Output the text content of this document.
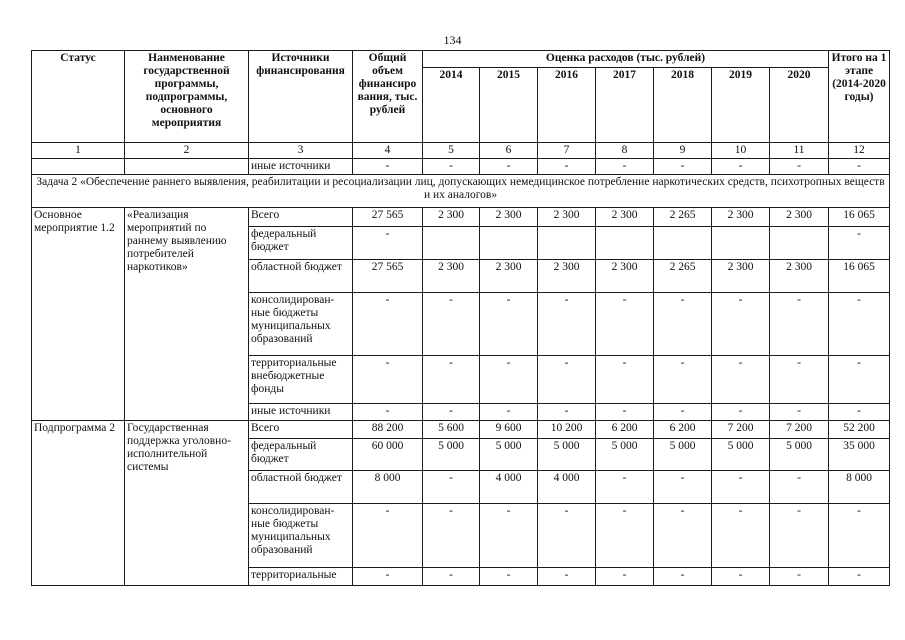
134
Статус	Наименование государственной программы, подпрограммы, основного мероприятия	Источники финансирования	Общий объем финансиро вания, тыс. рублей	Оценка расходов (тыс. рублей)							Итого на 1 этапе (2014-2020 годы)
				2014	2015	2016	2017	2018	2019	2020	
1	2	3	4	5	6	7	8	9	10	11	12
		иные источники	-	-	-	-	-	-	-	-	-
Задача 2 «Обеспечение раннего выявления, реабилитации и ресоциализации лиц, допускающих немедицинское потребление наркотических средств, психотропных веществ и их аналогов»											
Основное мероприятие 1.2	«Реализация мероприятий по раннему выявлению потребителей наркотиков»	Всего	27 565	2 300	2 300	2 300	2 300	2 265	2 300	2 300	16 065
		федеральный бюджет	-								-
		областной бюджет	27 565	2 300	2 300	2 300	2 300	2 265	2 300	2 300	16 065
		консолидирован-ные бюджеты муниципальных образований	-	-	-	-	-	-	-	-	-
		территориальные внебюджетные фонды	-	-	-	-	-	-	-	-	-
		иные источники	-	-	-	-	-	-	-	-	-
Подпрограмма 2	Государственная поддержка уголовно-исполнительной системы	Всего	88 200	5 600	9 600	10 200	6 200	6 200	7 200	7 200	52 200
		федеральный бюджет	60 000	5 000	5 000	5 000	5 000	5 000	5 000	5 000	35 000
		областной бюджет	8 000	-	4 000	4 000	-	-	-	-	8 000
		консолидирован-ные бюджеты муниципальных образований	-	-	-	-	-	-	-	-	-
		территориальные	-	-	-	-	-	-	-	-	-
